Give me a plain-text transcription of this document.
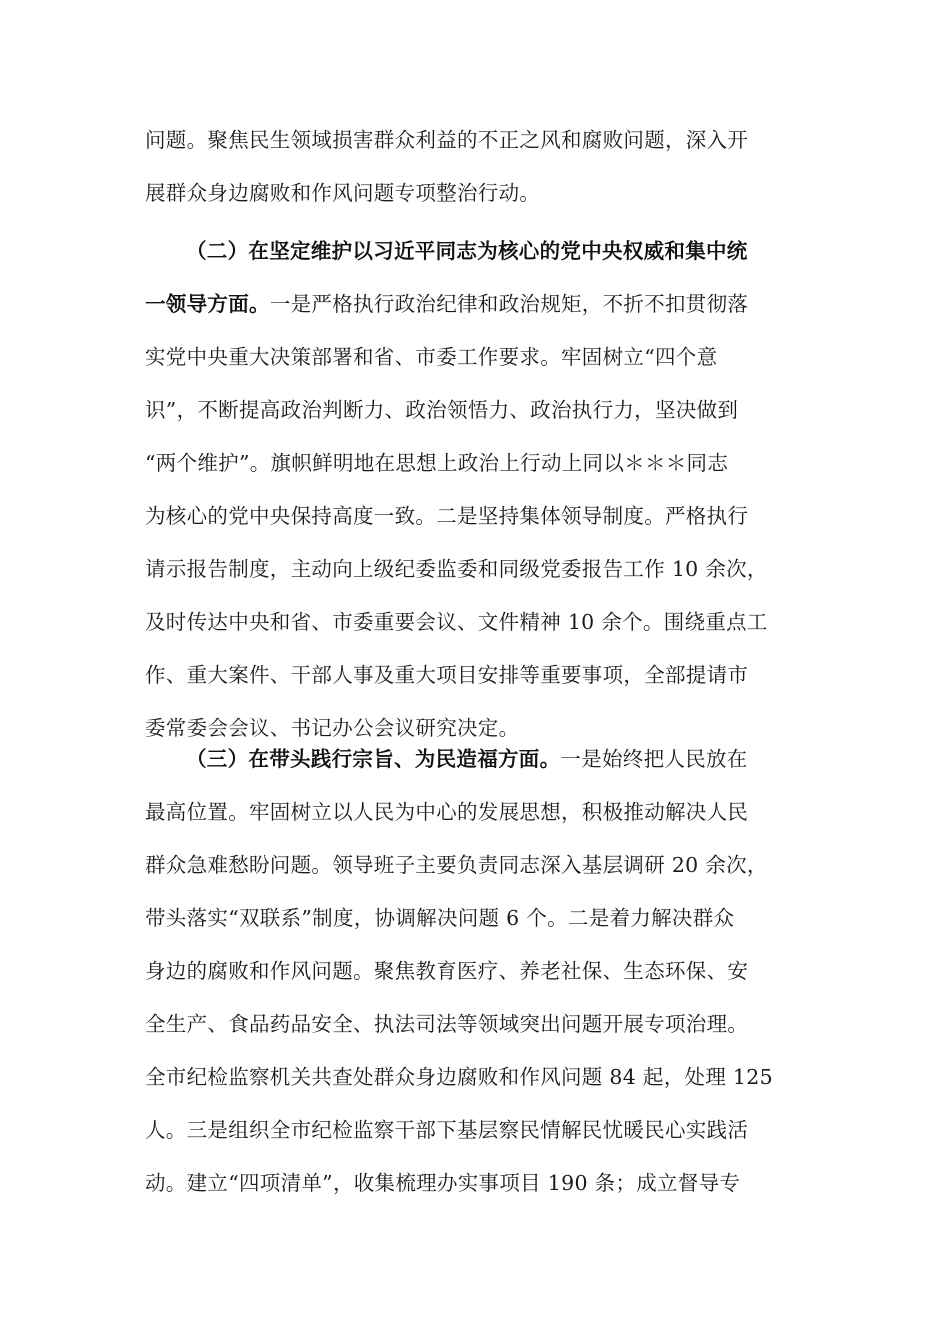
问题。聚焦民生领域损害群众利益的不正之风和腐败问题，深入开
展群众身边腐败和作风问题专项整治行动。
（二）在坚定维护以习近平同志为核心的党中央权威和集中统
一领导方面。一是严格执行政治纪律和政治规矩，不折不扣贯彻落
实党中央重大决策部署和省、市委工作要求。牢固树立“四个意
识”，不断提高政治判断力、政治领悟力、政治执行力，坚决做到
“两个维护”。旗帜鲜明地在思想上政治上行动上同以＊＊＊同志
为核心的党中央保持高度一致。二是坚持集体领导制度。严格执行
请示报告制度，主动向上级纪委监委和同级党委报告工作 10 余次，
及时传达中央和省、市委重要会议、文件精神 10 余个。围绕重点工
作、重大案件、干部人事及重大项目安排等重要事项，全部提请市
委常委会会议、书记办公会议研究决定。
（三）在带头践行宗旨、为民造福方面。一是始终把人民放在
最高位置。牢固树立以人民为中心的发展思想，积极推动解决人民
群众急难愁盼问题。领导班子主要负责同志深入基层调研 20 余次，
带头落实“双联系”制度，协调解决问题 6 个。二是着力解决群众
身边的腐败和作风问题。聚焦教育医疗、养老社保、生态环保、安
全生产、食品药品安全、执法司法等领域突出问题开展专项治理。
全市纪检监察机关共查处群众身边腐败和作风问题 84 起，处理 125
人。三是组织全市纪检监察干部下基层察民情解民忧暖民心实践活
动。建立“四项清单”，收集梳理办实事项目 190 条；成立督导专
